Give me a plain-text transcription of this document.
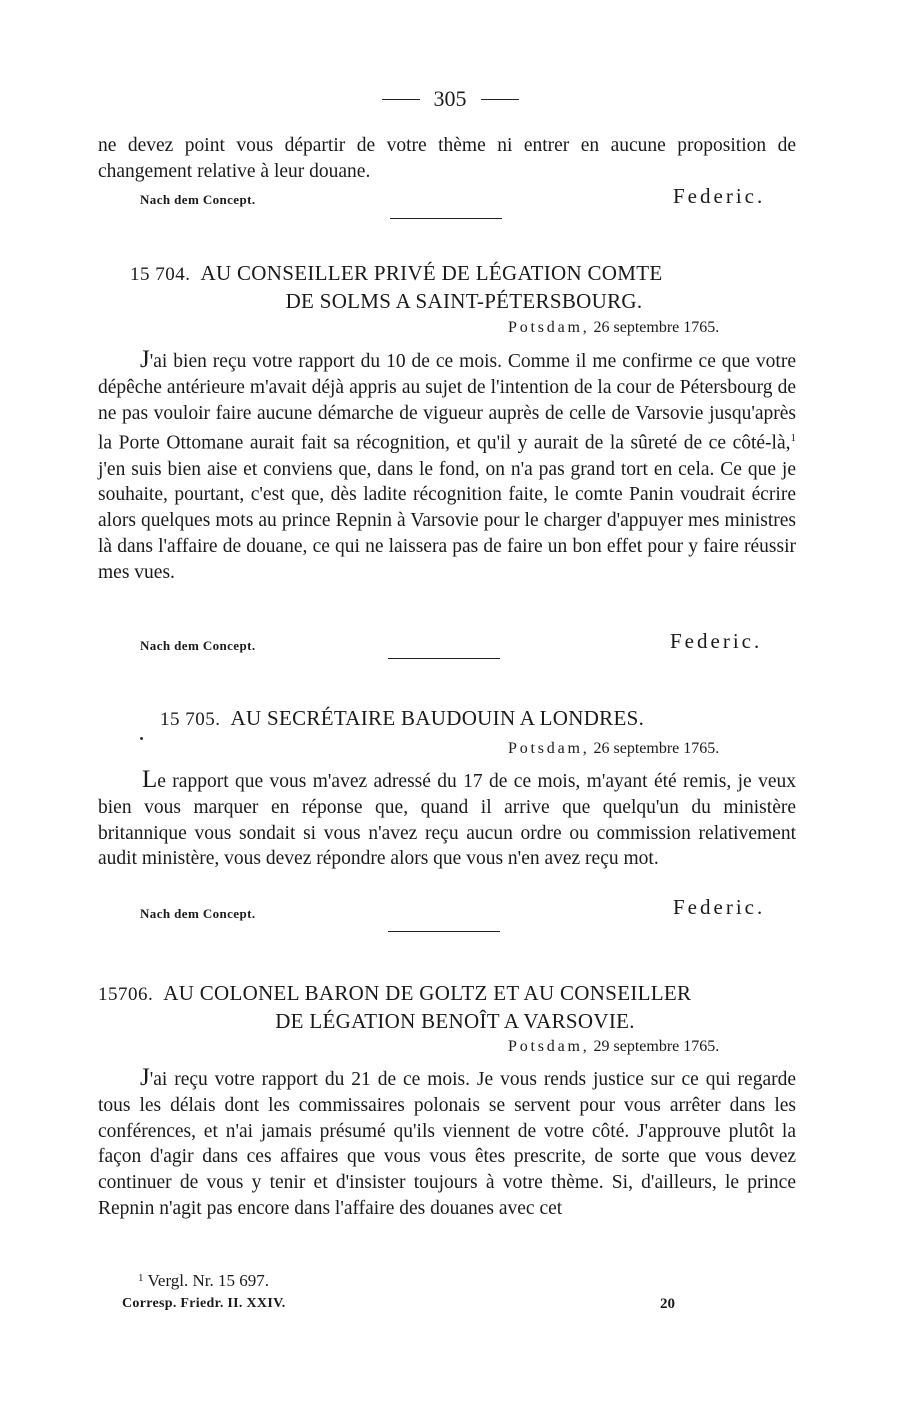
305
ne devez point vous départir de votre thème ni entrer en aucune proposition de changement relative à leur douane.
Nach dem Concept.	Federic.
15 704. AU CONSEILLER PRIVÉ DE LÉGATION COMTE
DE SOLMS A SAINT-PÉTERSBOURG.
Potsdam, 26 septembre 1765.
J'ai bien reçu votre rapport du 10 de ce mois. Comme il me confirme ce que votre dépêche antérieure m'avait déjà appris au sujet de l'intention de la cour de Pétersbourg de ne pas vouloir faire aucune démarche de vigueur auprès de celle de Varsovie jusqu'après la Porte Ottomane aurait fait sa récognition, et qu'il y aurait de la sûreté de ce côté-là,$^1$ j'en suis bien aise et conviens que, dans le fond, on n'a pas grand tort en cela. Ce que je souhaite, pourtant, c'est que, dès ladite récognition faite, le comte Panin voudrait écrire alors quelques mots au prince Repnin à Varsovie pour le charger d'appuyer mes ministres là dans l'affaire de douane, ce qui ne laissera pas de faire un bon effet pour y faire réussir mes vues.
Nach dem Concept.	Federic.
15 705. AU SECRÉTAIRE BAUDOUIN A LONDRES.
Potsdam, 26 septembre 1765.
Le rapport que vous m'avez adressé du 17 de ce mois, m'ayant été remis, je veux bien vous marquer en réponse que, quand il arrive que quelqu'un du ministère britannique vous sondait si vous n'avez reçu aucun ordre ou commission relativement audit ministère, vous devez répondre alors que vous n'en avez reçu mot.
Nach dem Concept.	Federic.
15706. AU COLONEL BARON DE GOLTZ ET AU CONSEILLER
DE LÉGATION BENOÎT A VARSOVIE.
Potsdam, 29 septembre 1765.
J'ai reçu votre rapport du 21 de ce mois. Je vous rends justice sur ce qui regarde tous les délais dont les commissaires polonais se servent pour vous arrêter dans les conférences, et n'ai jamais présumé qu'ils viennent de votre côté. J'approuve plutôt la façon d'agir dans ces affaires que vous vous êtes prescrite, de sorte que vous devez continuer de vous y tenir et d'insister toujours à votre thème. Si, d'ailleurs, le prince Repnin n'agit pas encore dans l'affaire des douanes avec cet
$^1$ Vergl. Nr. 15 697.
Corresp. Friedr. II. XXIV.	20
